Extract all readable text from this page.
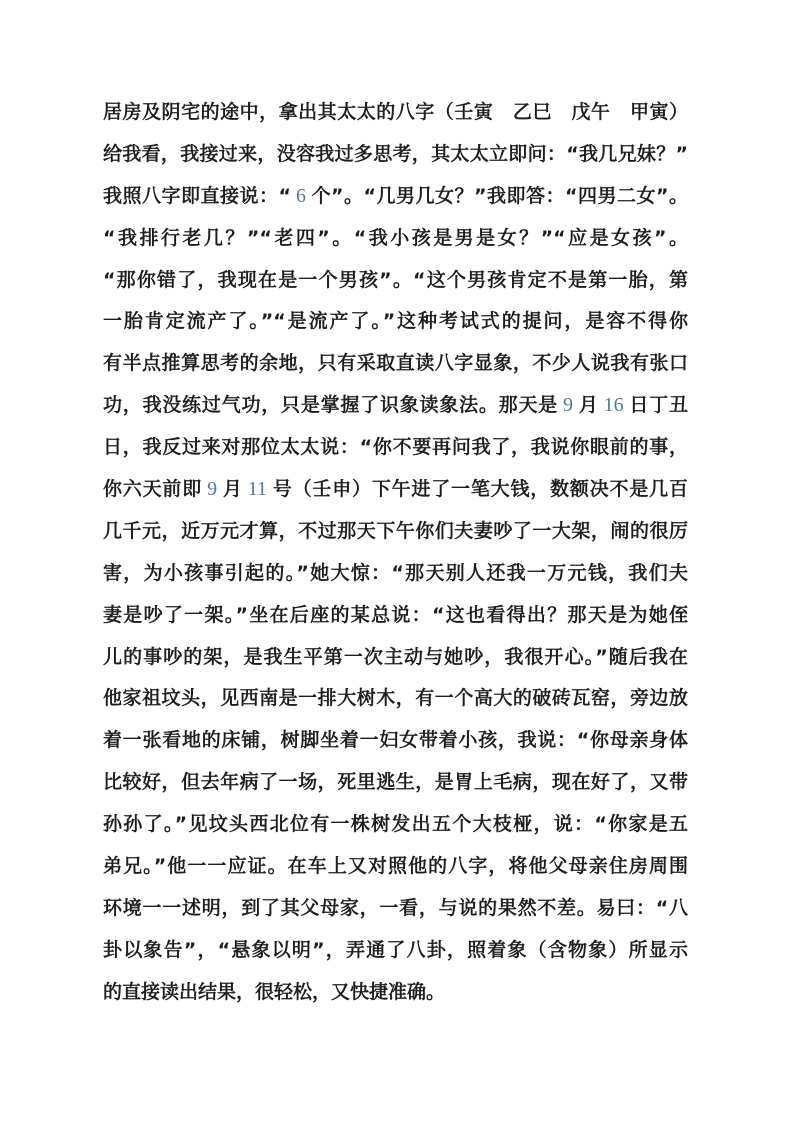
居房及阴宅的途中，拿出其太太的八字（壬寅　乙巳　戊午　甲寅）
给我看，我接过来，没容我过多思考，其太太立即问：“我几兄妹？”
我照八字即直接说：“ 6 个”。“几男几女？”我即答：“四男二女”。
“我排行老几？”“老四”。“我小孩是男是女？”“应是女孩”。
“那你错了，我现在是一个男孩”。“这个男孩肯定不是第一胎，第
一胎肯定流产了。”“是流产了。”这种考试式的提问，是容不得你
有半点推算思考的余地，只有采取直读八字显象，不少人说我有张口
功，我没练过气功，只是掌握了识象读象法。那天是 9 月 16 日丁丑
日，我反过来对那位太太说：“你不要再问我了，我说你眼前的事，
你六天前即 9 月 11 号（壬申）下午进了一笔大钱，数额决不是几百
几千元，近万元才算，不过那天下午你们夫妻吵了一大架，闹的很厉
害，为小孩事引起的。”她大惊：“那天别人还我一万元钱，我们夫
妻是吵了一架。”坐在后座的某总说：“这也看得出？那天是为她侄
儿的事吵的架，是我生平第一次主动与她吵，我很开心。”随后我在
他家祖坟头，见西南是一排大树木，有一个高大的破砖瓦窑，旁边放
着一张看地的床铺，树脚坐着一妇女带着小孩，我说：“你母亲身体
比较好，但去年病了一场，死里逃生，是胃上毛病，现在好了，又带
孙孙了。”见坟头西北位有一株树发出五个大枝桠，说：“你家是五
弟兄。”他一一应证。在车上又对照他的八字，将他父母亲住房周围
环境一一述明，到了其父母家，一看，与说的果然不差。易曰：“八
卦以象告”，“悬象以明”，弄通了八卦，照着象（含物象）所显示
的直接读出结果，很轻松，又快捷准确。
